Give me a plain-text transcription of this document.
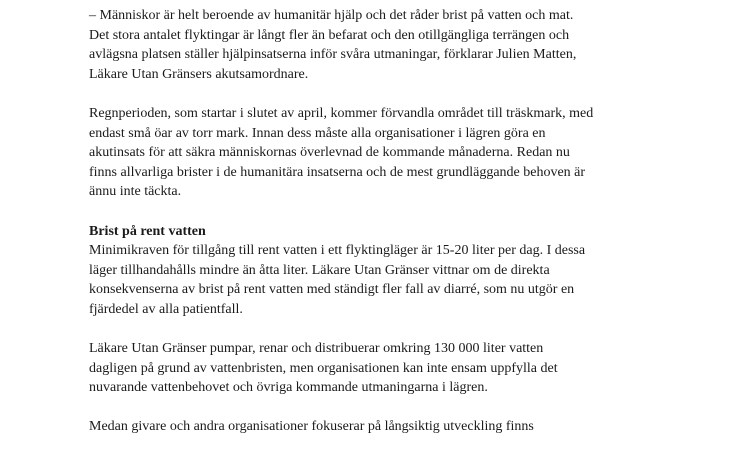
– Människor är helt beroende av humanitär hjälp och det råder brist på vatten och mat.
Det stora antalet flyktingar är långt fler än befarat och den otillgängliga terrängen och
avlägsna platsen ställer hjälpinsatserna inför svåra utmaningar, förklarar Julien Matten,
Läkare Utan Gränsers akutsamordnare.
Regnperioden, som startar i slutet av april, kommer förvandla området till träskmark, med
endast små öar av torr mark. Innan dess måste alla organisationer i lägren göra en
akutinsats för att säkra människornas överlevnad de kommande månaderna. Redan nu
finns allvarliga brister i de humanitära insatserna och de mest grundläggande behoven är
ännu inte täckta.
Brist på rent vatten
Minimikraven för tillgång till rent vatten i ett flyktingläger är 15-20 liter per dag. I dessa
läger tillhandahålls mindre än åtta liter. Läkare Utan Gränser vittnar om de direkta
konsekvenserna av brist på rent vatten med ständigt fler fall av diarré, som nu utgör en
fjärdedel av alla patientfall.
Läkare Utan Gränser pumpar, renar och distribuerar omkring 130 000 liter vatten
dagligen på grund av vattenbristen, men organisationen kan inte ensam uppfylla det
nuvarande vattenbehovet och övriga kommande utmaningarna i lägren.
Medan givare och andra organisationer fokuserar på långsiktig utveckling finns
